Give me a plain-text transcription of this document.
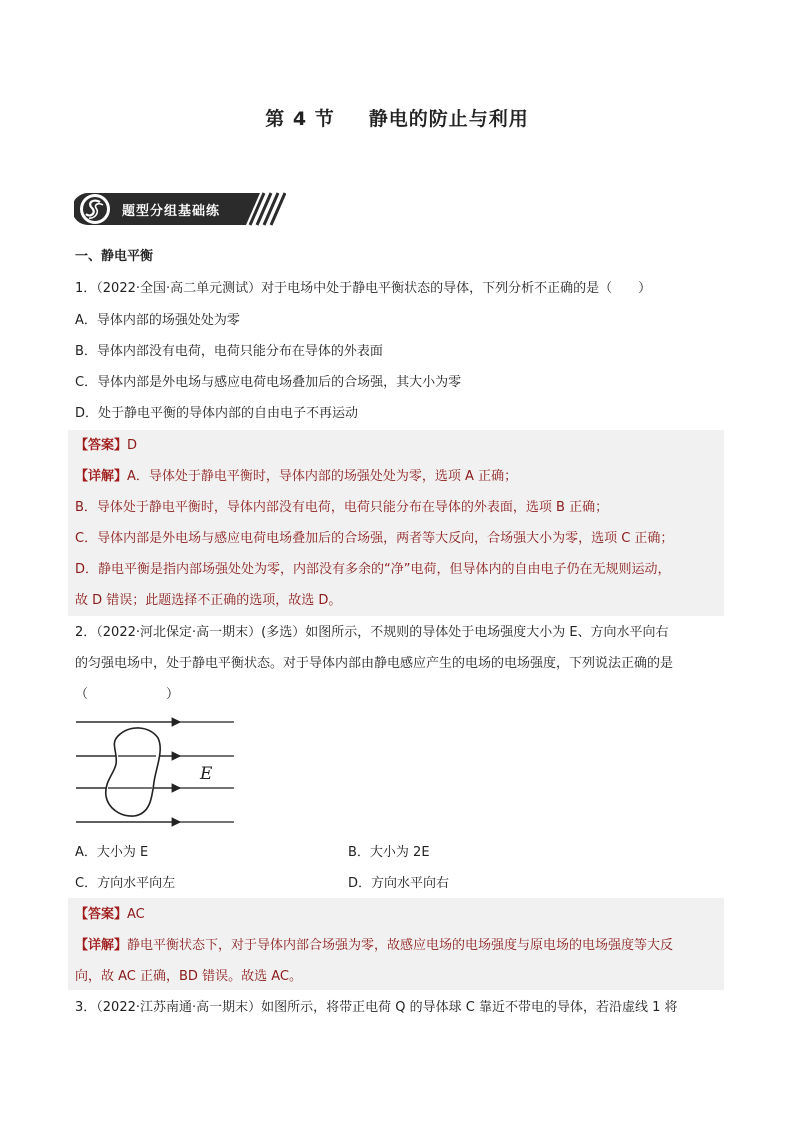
第 4 节 静电的防止与利用
题型分组基础练
一、静电平衡
1．（2022·全国·高二单元测试）对于电场中处于静电平衡状态的导体，下列分析不正确的是（　　）
A．导体内部的场强处处为零
B．导体内部没有电荷，电荷只能分布在导体的外表面
C．导体内部是外电场与感应电荷电场叠加后的合场强，其大小为零
D．处于静电平衡的导体内部的自由电子不再运动
【答案】D
【详解】A．导体处于静电平衡时，导体内部的场强处处为零，选项 A 正确；
B．导体处于静电平衡时，导体内部没有电荷，电荷只能分布在导体的外表面，选项 B 正确；
C．导体内部是外电场与感应电荷电场叠加后的合场强，两者等大反向，合场强大小为零，选项 C 正确；
D．静电平衡是指内部场强处处为零，内部没有多余的“净”电荷，但导体内的自由电子仍在无规则运动，
故 D 错误；此题选择不正确的选项，故选 D。
2．（2022·河北保定·高一期末）(多选）如图所示，不规则的导体处于电场强度大小为 E、方向水平向右
的匀强电场中，处于静电平衡状态。对于导体内部由静电感应产生的电场的电场强度，下列说法正确的是
（　　　　　　）
E
A．大小为 E	B．大小为 2E
C．方向水平向左	D．方向水平向右
【答案】AC
【详解】静电平衡状态下，对于导体内部合场强为零，故感应电场的电场强度与原电场的电场强度等大反
向，故 AC 正确，BD 错误。故选 AC。
3．（2022·江苏南通·高一期末）如图所示，将带正电荷 Q 的导体球 C 靠近不带电的导体，若沿虚线 1 将
